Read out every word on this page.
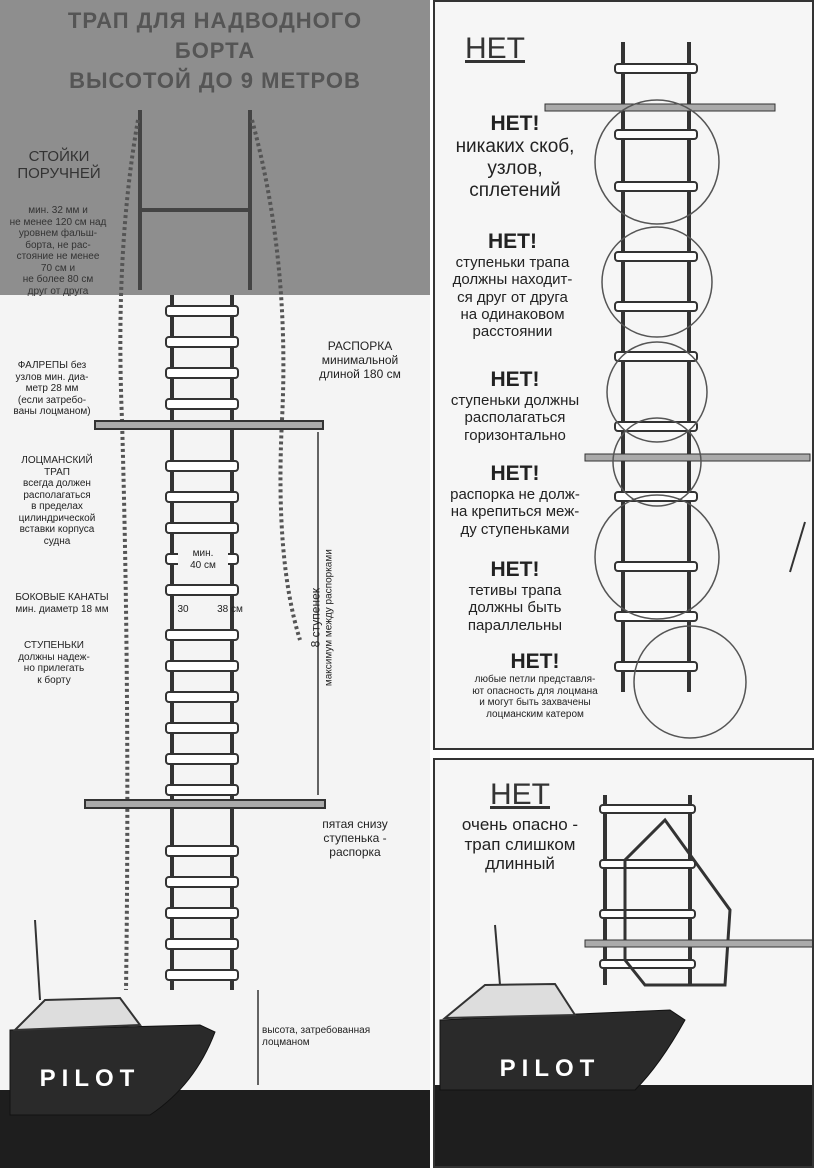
ТРАП ДЛЯ НАДВОДНОГО
БОРТА
ВЫСОТОЙ ДО 9 МЕТРОВ
СТОЙКИ
ПОРУЧНЕЙ
мин. 32 мм и
не менее 120 см над
уровнем фальш-
борта, не рас-
стояние не менее
70 см и
не более 80 см
друг от друга
РАСПОРКА
минимальной
длиной 180 см
ФАЛРЕПЫ без
узлов мин. диа-
метр 28 мм
(если затребо-
ваны лоцманом)
ЛОЦМАНСКИЙ
ТРАП
всегда должен
располагаться
в пределах
цилиндрической
вставки корпуса
судна
мин.
40 см
БОКОВЫЕ КАНАТЫ
мин. диаметр 18 мм	30	38 см
СТУПЕНЬКИ
должны надеж-
но прилегать
к борту
8 ступенек максимум между распорками
пятая снизу
ступенька -
распорка
высота, затребованная
лоцманом
PILOT
НЕТ
НЕТ!
никаких скоб,
узлов,
сплетений
НЕТ!
ступеньки трапа
должны находит-
ся друг от друга
на одинаковом
расстоянии
НЕТ!
ступеньки должны
располагаться
горизонтально
НЕТ!
распорка не долж-
на крепиться меж-
ду ступеньками
НЕТ!
тетивы трапа
должны быть
параллельны
НЕТ!
любые петли представля-
ют опасность для лоцмана
и могут быть захвачены
лоцманским катером
НЕТ
очень опасно -
трап слишком
длинный
PILOT
